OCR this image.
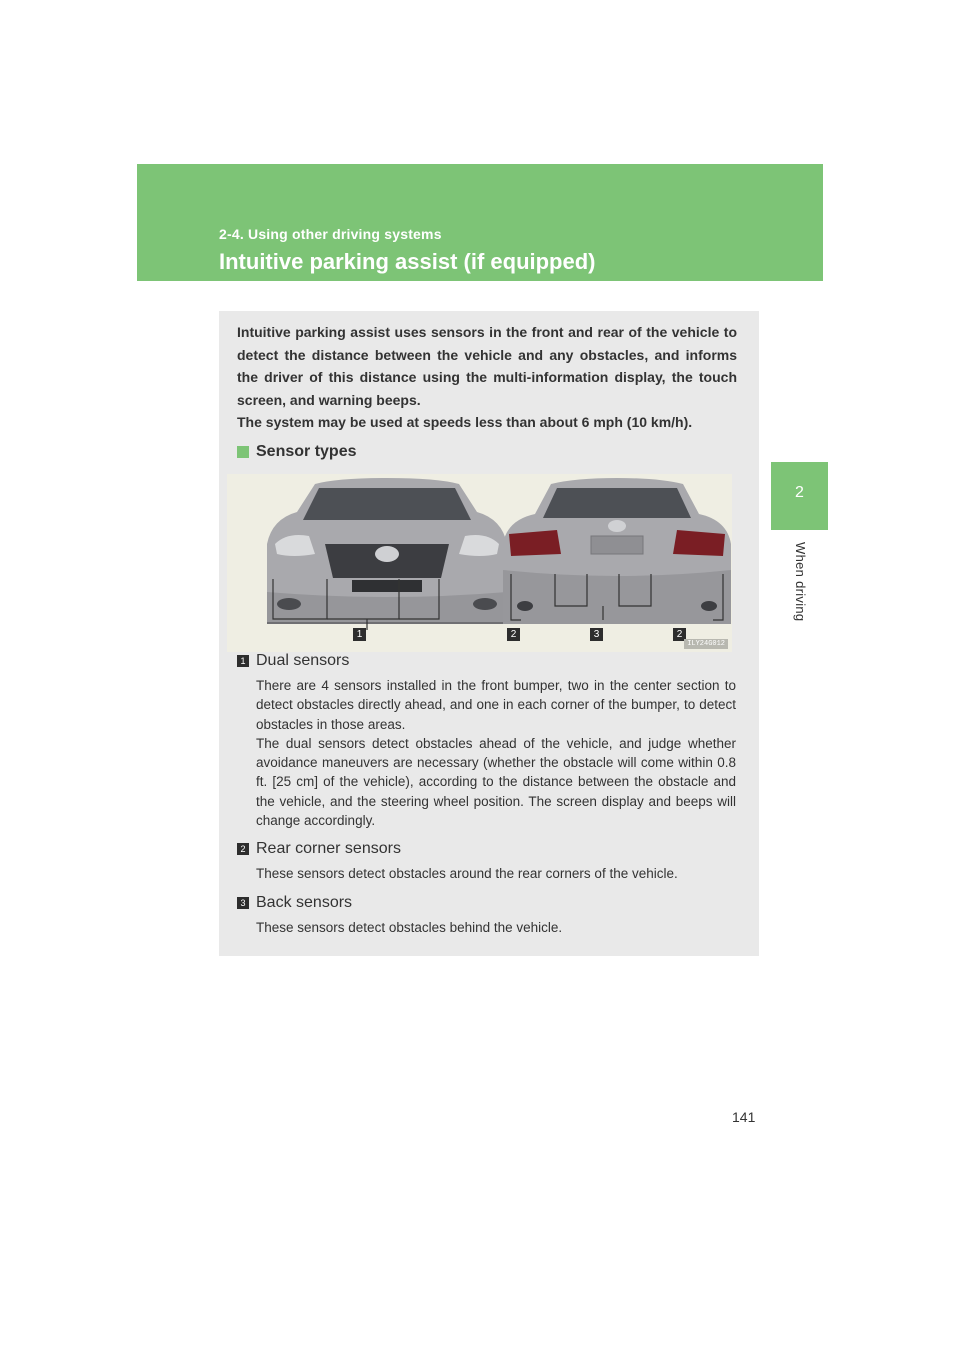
2-4. Using other driving systems
Intuitive parking assist (if equipped)
2
When driving

Intuitive parking assist uses sensors in the front and rear of the vehicle to detect the distance between the vehicle and any obstacles, and informs the driver of this distance using the multi-information display, the touch screen, and warning beeps.

The system may be used at speeds less than about 6 mph (10 km/h).

Sensor types
1	2	3	2
ILY24G012
1 Dual sensors

There are 4 sensors installed in the front bumper, two in the center section to detect obstacles directly ahead, and one in each corner of the bumper, to detect obstacles in those areas.

The dual sensors detect obstacles ahead of the vehicle, and judge whether avoidance maneuvers are necessary (whether the obstacle will come within 0.8 ft. [25 cm] of the vehicle), according to the distance between the obstacle and the vehicle, and the steering wheel position. The screen display and beeps will change accordingly.

2 Rear corner sensors

These sensors detect obstacles around the rear corners of the vehicle.

3 Back sensors

These sensors detect obstacles behind the vehicle.

141
